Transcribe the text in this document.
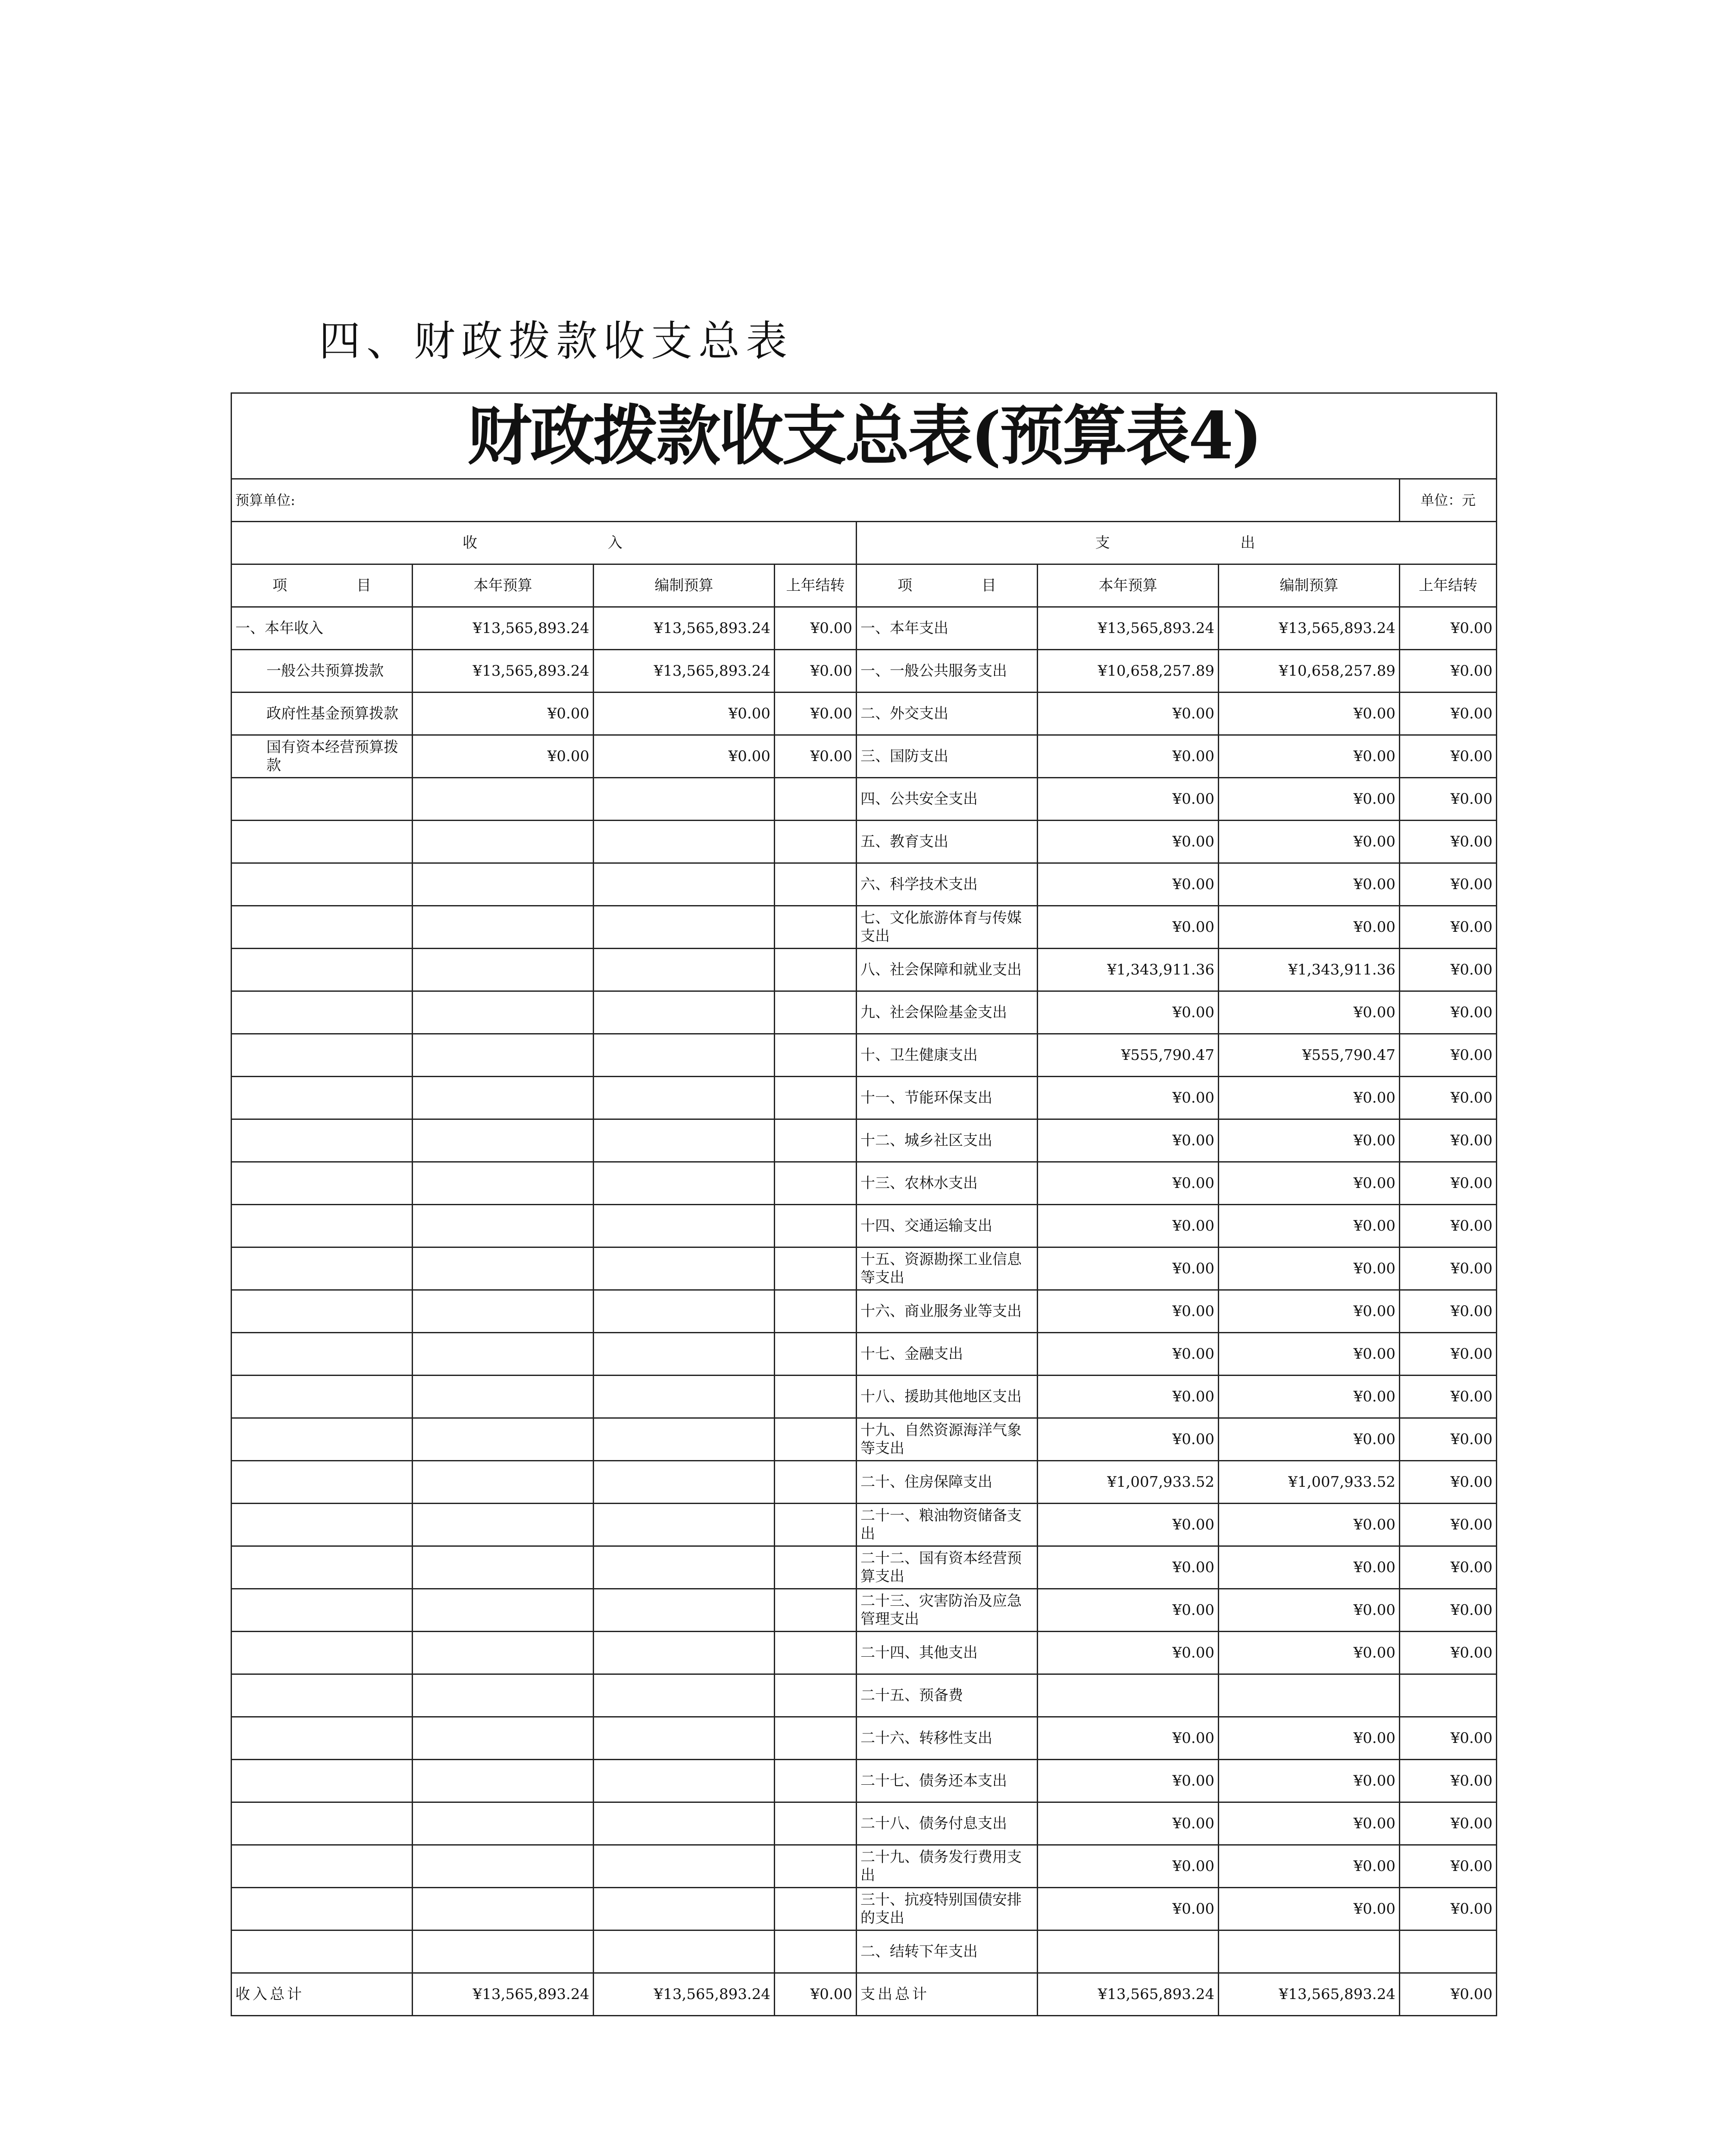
四、财政拨款收支总表
财政拨款收支总表(预算表4)							
预算单位:							单位：元
收 入				支 出			
项 目	本年预算	编制预算	上年结转	项 目	本年预算	编制预算	上年结转
一、本年收入	¥13,565,893.24	¥13,565,893.24	¥0.00	一、本年支出	¥13,565,893.24	¥13,565,893.24	¥0.00
一般公共预算拨款	¥13,565,893.24	¥13,565,893.24	¥0.00	一、一般公共服务支出	¥10,658,257.89	¥10,658,257.89	¥0.00
政府性基金预算拨款	¥0.00	¥0.00	¥0.00	二、外交支出	¥0.00	¥0.00	¥0.00
国有资本经营预算拨款	¥0.00	¥0.00	¥0.00	三、国防支出	¥0.00	¥0.00	¥0.00
				四、公共安全支出	¥0.00	¥0.00	¥0.00
				五、教育支出	¥0.00	¥0.00	¥0.00
				六、科学技术支出	¥0.00	¥0.00	¥0.00
				七、文化旅游体育与传媒支出	¥0.00	¥0.00	¥0.00
				八、社会保障和就业支出	¥1,343,911.36	¥1,343,911.36	¥0.00
				九、社会保险基金支出	¥0.00	¥0.00	¥0.00
				十、卫生健康支出	¥555,790.47	¥555,790.47	¥0.00
				十一、节能环保支出	¥0.00	¥0.00	¥0.00
				十二、城乡社区支出	¥0.00	¥0.00	¥0.00
				十三、农林水支出	¥0.00	¥0.00	¥0.00
				十四、交通运输支出	¥0.00	¥0.00	¥0.00
				十五、资源勘探工业信息等支出	¥0.00	¥0.00	¥0.00
				十六、商业服务业等支出	¥0.00	¥0.00	¥0.00
				十七、金融支出	¥0.00	¥0.00	¥0.00
				十八、援助其他地区支出	¥0.00	¥0.00	¥0.00
				十九、自然资源海洋气象等支出	¥0.00	¥0.00	¥0.00
				二十、住房保障支出	¥1,007,933.52	¥1,007,933.52	¥0.00
				二十一、粮油物资储备支出	¥0.00	¥0.00	¥0.00
				二十二、国有资本经营预算支出	¥0.00	¥0.00	¥0.00
				二十三、灾害防治及应急管理支出	¥0.00	¥0.00	¥0.00
				二十四、其他支出	¥0.00	¥0.00	¥0.00
				二十五、预备费			
				二十六、转移性支出	¥0.00	¥0.00	¥0.00
				二十七、债务还本支出	¥0.00	¥0.00	¥0.00
				二十八、债务付息支出	¥0.00	¥0.00	¥0.00
				二十九、债务发行费用支出	¥0.00	¥0.00	¥0.00
				三十、抗疫特别国债安排的支出	¥0.00	¥0.00	¥0.00
				二、结转下年支出			
收入总计	¥13,565,893.24	¥13,565,893.24	¥0.00	支出总计	¥13,565,893.24	¥13,565,893.24	¥0.00
